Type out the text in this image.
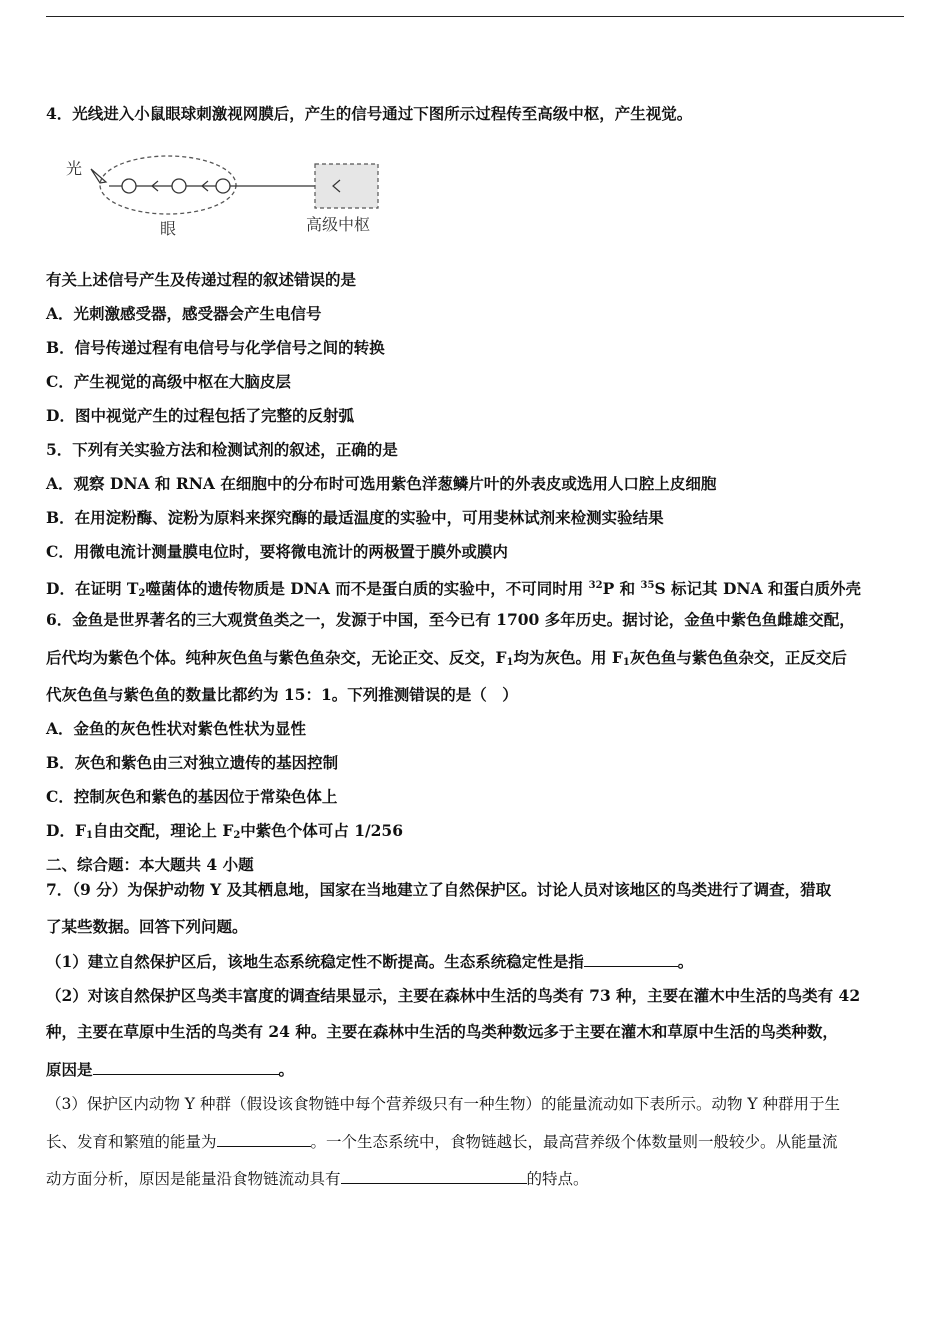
4．光线进入小鼠眼球刺激视网膜后，产生的信号通过下图所示过程传至高级中枢，产生视觉。
光
眼	高级中枢
有关上述信号产生及传递过程的叙述错误的是
A．光刺激感受器，感受器会产生电信号
B．信号传递过程有电信号与化学信号之间的转换
C．产生视觉的高级中枢在大脑皮层
D．图中视觉产生的过程包括了完整的反射弧
5．下列有关实验方法和检测试剂的叙述，正确的是
A．观察 DNA 和 RNA 在细胞中的分布时可选用紫色洋葱鳞片叶的外表皮或选用人口腔上皮细胞
B．在用淀粉酶、淀粉为原料来探究酶的最适温度的实验中，可用斐林试剂来检测实验结果
C．用微电流计测量膜电位时，要将微电流计的两极置于膜外或膜内
D．在证明 $T_2$噬菌体的遗传物质是 DNA 而不是蛋白质的实验中，不可同时用 $^{32}$P 和 $^{35}$S 标记其 DNA 和蛋白质外壳
6．金鱼是世界著名的三大观赏鱼类之一，发源于中国，至今已有 1700 多年历史。据讨论，金鱼中紫色鱼雌雄交配，
后代均为紫色个体。纯种灰色鱼与紫色鱼杂交，无论正交、反交，$F_1$均为灰色。用 $F_1$灰色鱼与紫色鱼杂交，正反交后
代灰色鱼与紫色鱼的数量比都约为 15：1。下列推测错误的是（　）
A．金鱼的灰色性状对紫色性状为显性
B．灰色和紫色由三对独立遗传的基因控制
C．控制灰色和紫色的基因位于常染色体上
D．$F_1$自由交配，理论上 $F_2$中紫色个体可占 1/256
二、综合题：本大题共 4 小题
7．（9 分）为保护动物 Y 及其栖息地，国家在当地建立了自然保护区。讨论人员对该地区的鸟类进行了调查，猎取
了某些数据。回答下列问题。
（1）建立自然保护区后，该地生态系统稳定性不断提高。生态系统稳定性是指	。
（2）对该自然保护区鸟类丰富度的调查结果显示，主要在森林中生活的鸟类有 73 种，主要在灌木中生活的鸟类有 42
种，主要在草原中生活的鸟类有 24 种。主要在森林中生活的鸟类种数远多于主要在灌木和草原中生活的鸟类种数，
原因是	。
（3）保护区内动物 Y 种群（假设该食物链中每个营养级只有一种生物）的能量流动如下表所示。动物 Y 种群用于生
长、发育和繁殖的能量为	。一个生态系统中，食物链越长，最高营养级个体数量则一般较少。从能量流
动方面分析，原因是能量沿食物链流动具有	的特点。
